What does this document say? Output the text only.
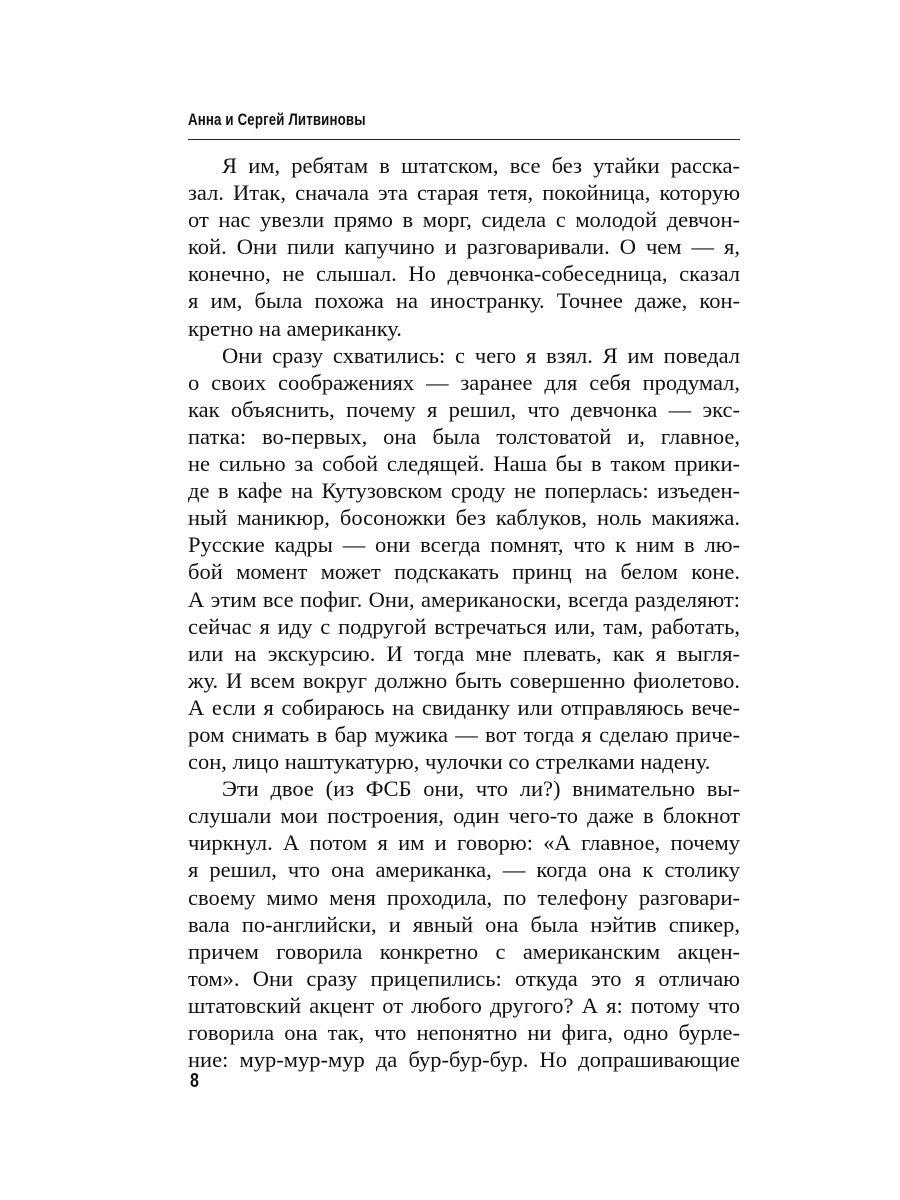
Анна и Сергей Литвиновы
Я им, ребятам в штатском, все без утайки расска-
зал. Итак, сначала эта старая тетя, покойница, которую
от нас увезли прямо в морг, сидела с молодой девчон-
кой. Они пили капучино и разговаривали. О чем — я,
конечно, не слышал. Но девчонка-собеседница, сказал
я им, была похожа на иностранку. Точнее даже, кон-
кретно на американку.
Они сразу схватились: с чего я взял. Я им поведал
о своих соображениях — заранее для себя продумал,
как объяснить, почему я решил, что девчонка — экс-
патка: во-первых, она была толстоватой и, главное,
не сильно за собой следящей. Наша бы в таком прики-
де в кафе на Кутузовском сроду не поперлась: изъеден-
ный маникюр, босоножки без каблуков, ноль макияжа.
Русские кадры — они всегда помнят, что к ним в лю-
бой момент может подскакать принц на белом коне.
А этим все пофиг. Они, американоски, всегда разделяют:
сейчас я иду с подругой встречаться или, там, работать,
или на экскурсию. И тогда мне плевать, как я выгля-
жу. И всем вокруг должно быть совершенно фиолетово.
А если я собираюсь на свиданку или отправляюсь вече-
ром снимать в бар мужика — вот тогда я сделаю приче-
сон, лицо наштукатурю, чулочки со стрелками надену.
Эти двое (из ФСБ они, что ли?) внимательно вы-
слушали мои построения, один чего-то даже в блокнот
чиркнул. А потом я им и говорю: «А главное, почему
я решил, что она американка, — когда она к столику
своему мимо меня проходила, по телефону разговари-
вала по-английски, и явный она была нэйтив спикер,
причем говорила конкретно с американским акцен-
том». Они сразу прицепились: откуда это я отличаю
штатовский акцент от любого другого? А я: потому что
говорила она так, что непонятно ни фига, одно бурле-
ние: мур-мур-мур да бур-бур-бур. Но допрашивающие
8
